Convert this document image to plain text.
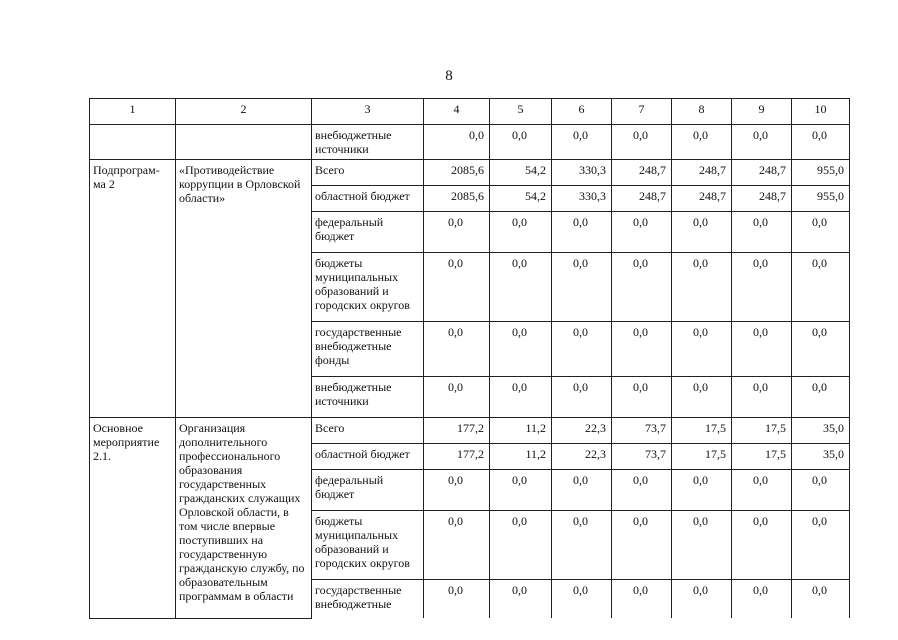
8
1	2	3	4	5	6	7	8	9	10
		внебюджетные источники	0,0	0,0	0,0	0,0	0,0	0,0	0,0
Подпрограм-ма 2	«Противодействие коррупции в Орловской области»	Всего	2085,6	54,2	330,3	248,7	248,7	248,7	955,0
		областной бюджет	2085,6	54,2	330,3	248,7	248,7	248,7	955,0
		федеральный бюджет	0,0	0,0	0,0	0,0	0,0	0,0	0,0
		бюджеты муниципальных образований и городских округов	0,0	0,0	0,0	0,0	0,0	0,0	0,0
		государственные внебюджетные фонды	0,0	0,0	0,0	0,0	0,0	0,0	0,0
		внебюджетные источники	0,0	0,0	0,0	0,0	0,0	0,0	0,0
Основное мероприятие 2.1.	Организация дополнительного профессионального образования государственных гражданских служащих Орловской области, в том числе впервые поступивших на государственную гражданскую службу, по образовательным программам в области	Всего	177,2	11,2	22,3	73,7	17,5	17,5	35,0
		областной бюджет	177,2	11,2	22,3	73,7	17,5	17,5	35,0
		федеральный бюджет	0,0	0,0	0,0	0,0	0,0	0,0	0,0
		бюджеты муниципальных образований и городских округов	0,0	0,0	0,0	0,0	0,0	0,0	0,0

		государственные внебюджетные	0,0	0,0	0,0	0,0	0,0	0,0	0,0
